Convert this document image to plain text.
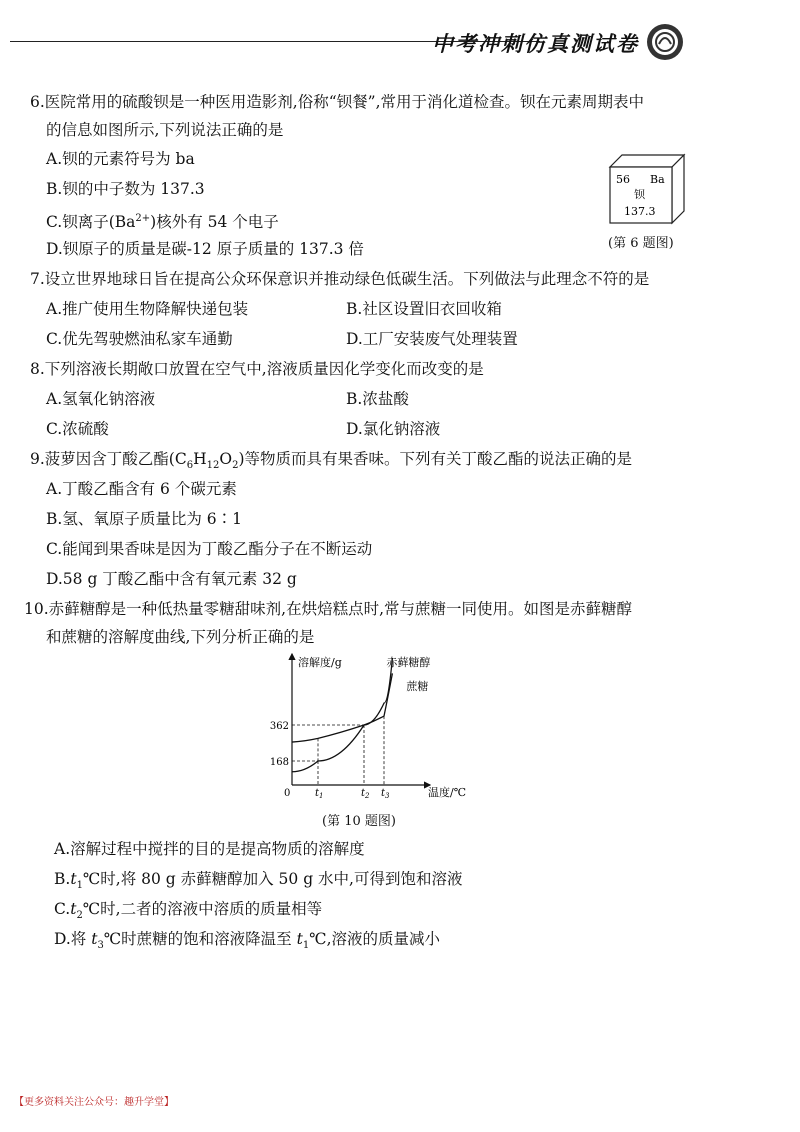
中考冲刺仿真测试卷
6.医院常用的硫酸钡是一种医用造影剂,俗称“钡餐”,常用于消化道检查。钡在元素周期表中
的信息如图所示,下列说法正确的是
A.钡的元素符号为 ba
B.钡的中子数为 137.3
C.钡离子$(Ba^{2+})$核外有 54 个电子
D.钡原子的质量是碳-12 原子质量的 137.3 倍
56 Ba
钡
137.3
(第 6 题图)
7.设立世界地球日旨在提高公众环保意识并推动绿色低碳生活。下列做法与此理念不符的是
A.推广使用生物降解快递包装	B.社区设置旧衣回收箱
C.优先驾驶燃油私家车通勤	D.工厂安装废气处理装置
8.下列溶液长期敞口放置在空气中,溶液质量因化学变化而改变的是
A.氢氧化钠溶液	B.浓盐酸
C.浓硫酸	D.氯化钠溶液
9.菠萝因含丁酸乙酯$(C_6H_{12}O_2)$等物质而具有果香味。下列有关丁酸乙酯的说法正确的是
A.丁酸乙酯含有 6 个碳元素
B.氢、氧原子质量比为 6∶1
C.能闻到果香味是因为丁酸乙酯分子在不断运动
D.58 g 丁酸乙酯中含有氧元素 32 g
10.赤藓糖醇是一种低热量零糖甜味剂,在烘焙糕点时,常与蔗糖一同使用。如图是赤藓糖醇
和蔗糖的溶解度曲线,下列分析正确的是
溶解度/g
温度/℃
0
赤藓糖醇
蔗糖
168
362
$t_1$	$t_2$ $t_3$
(第 10 题图)
A.溶解过程中搅拌的目的是提高物质的溶解度
$B.t_1℃$时,将 80 g 赤藓糖醇加入 50 g 水中,可得到饱和溶液
$C.t_2℃$时,二者的溶液中溶质的质量相等
D.将 $t_3℃$时蔗糖的饱和溶液降温至 $t_1℃$,溶液的质量减小
【更多资料关注公众号：趣升学堂】
